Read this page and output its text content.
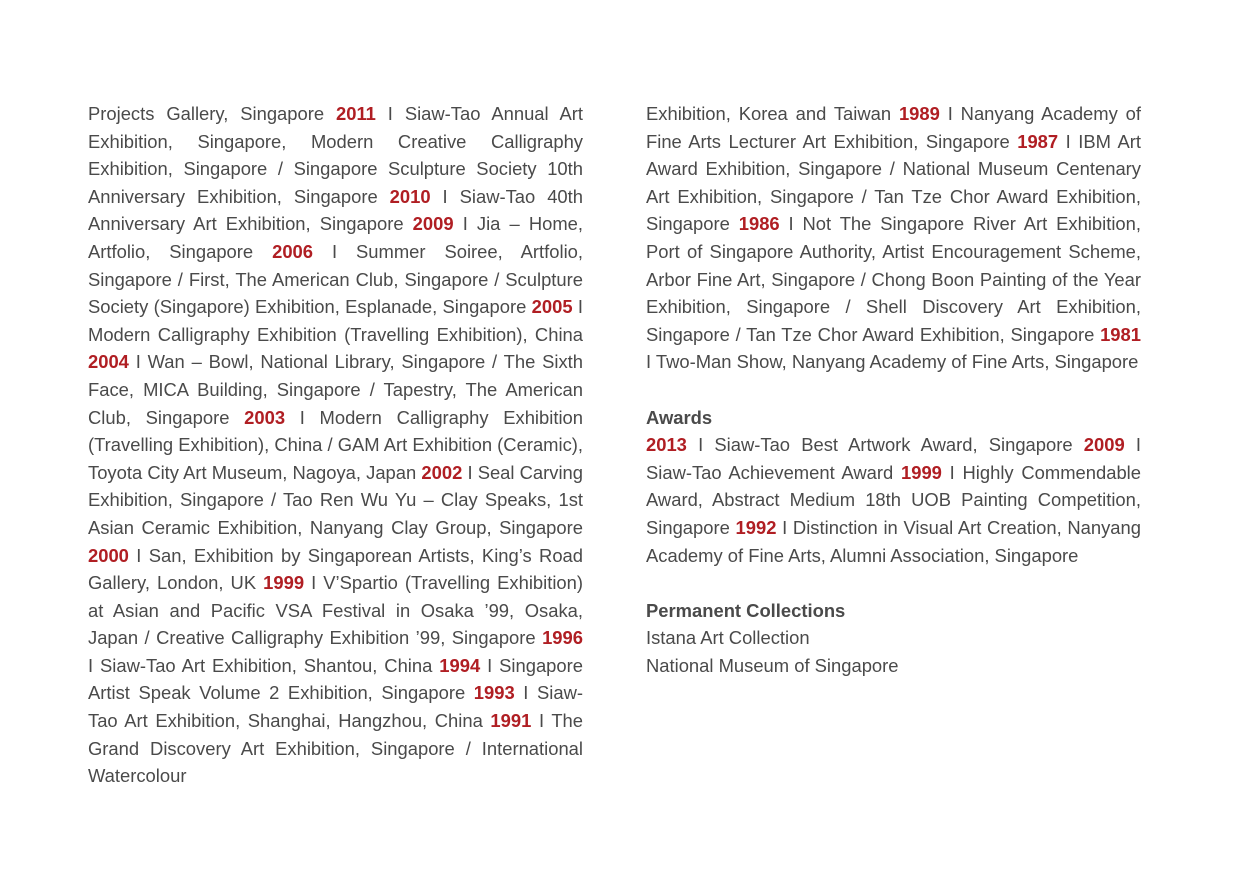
Projects Gallery, Singapore 2011 I Siaw-Tao Annual Art Exhibition, Singapore, Modern Creative Calligraphy Exhibition, Singapore / Singapore Sculpture Society 10th Anniversary Exhibition, Singapore 2010 I Siaw-Tao 40th Anniversary Art Exhibition, Singapore 2009 I Jia – Home, Artfolio, Singapore 2006 I Summer Soiree, Artfolio, Singapore / First, The American Club, Singapore / Sculpture Society (Singapore) Exhibition, Esplanade, Singapore 2005 I Modern Calligraphy Exhibition (Travelling Exhibition), China 2004 I Wan – Bowl, National Library, Singapore / The Sixth Face, MICA Building, Singapore / Tapestry, The American Club, Singapore 2003 I Modern Calligraphy Exhibition (Travelling Exhibition), China / GAM Art Exhibition (Ceramic), Toyota City Art Museum, Nagoya, Japan 2002 I Seal Carving Exhibition, Singapore / Tao Ren Wu Yu – Clay Speaks, 1st Asian Ceramic Exhibition, Nanyang Clay Group, Singapore 2000 I San, Exhibition by Singaporean Artists, King’s Road Gallery, London, UK 1999 I V’Spartio (Travelling Exhibition) at Asian and Pacific VSA Festival in Osaka ’99, Osaka, Japan / Creative Calligraphy Exhibition ’99, Singapore 1996 I Siaw-Tao Art Exhibition, Shantou, China 1994 I Singapore Artist Speak Volume 2 Exhibition, Singapore 1993 I Siaw-Tao Art Exhibition, Shanghai, Hangzhou, China 1991 I The Grand Discovery Art Exhibition, Singapore / International Watercolour

Exhibition, Korea and Taiwan 1989 I Nanyang Academy of Fine Arts Lecturer Art Exhibition, Singapore 1987 I IBM Art Award Exhibition, Singapore / National Museum Centenary Art Exhibition, Singapore / Tan Tze Chor Award Exhibition, Singapore 1986 I Not The Singapore River Art Exhibition, Port of Singapore Authority, Artist Encouragement Scheme, Arbor Fine Art, Singapore / Chong Boon Painting of the Year Exhibition, Singapore / Shell Discovery Art Exhibition, Singapore / Tan Tze Chor Award Exhibition, Singapore 1981 I Two-Man Show, Nanyang Academy of Fine Arts, Singapore

Awards

2013 I Siaw-Tao Best Artwork Award, Singapore 2009 I Siaw-Tao Achievement Award 1999 I Highly Commendable Award, Abstract Medium 18th UOB Painting Competition, Singapore 1992 I Distinction in Visual Art Creation, Nanyang Academy of Fine Arts, Alumni Association, Singapore

Permanent Collections

Istana Art Collection

National Museum of Singapore
